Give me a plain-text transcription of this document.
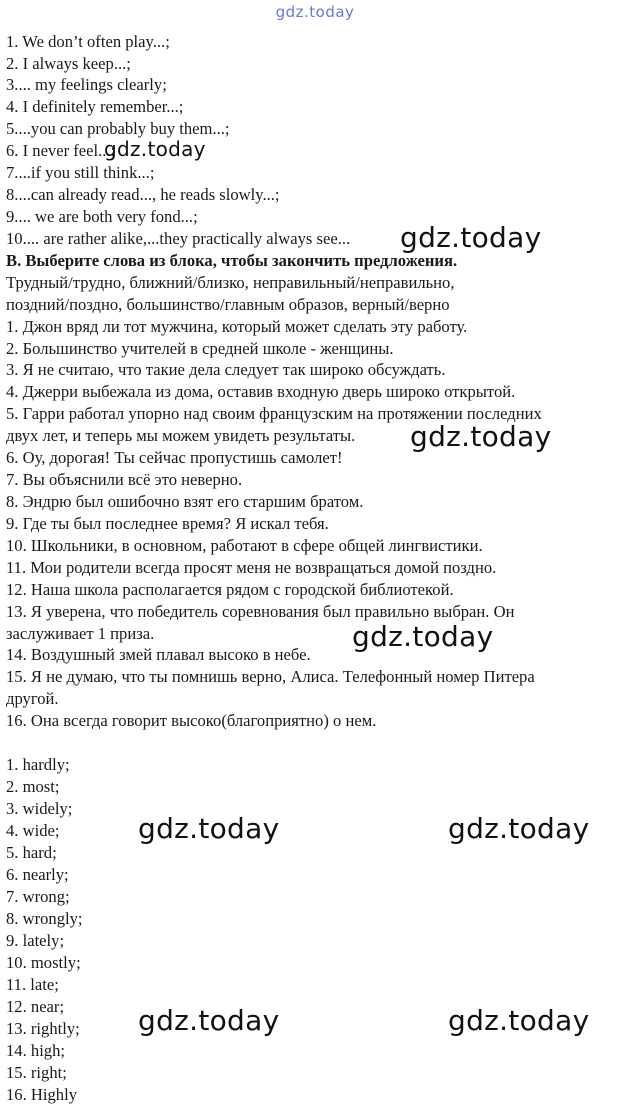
gdz.today
1. We don’t often play...;
2. I always keep...;
3.... my feelings clearly;
4. I definitely remember...;
5....you can probably buy them...;
6. I never feel...;
7....if you still think...;
8....can already read..., he reads slowly...;
9.... we are both very fond...;
10.... are rather alike,...they practically always see...
B. Выберите слова из блока, чтобы закончить предложения.
Трудный/трудно, ближний/близко, неправильный/неправильно,
поздний/поздно, большинство/главным образов, верный/верно
1. Джон вряд ли тот мужчина, который может сделать эту работу.
2. Большинство учителей в средней школе - женщины.
3. Я не считаю, что такие дела следует так широко обсуждать.
4. Джерри выбежала из дома, оставив входную дверь широко открытой.
5. Гарри работал упорно над своим французским на протяжении последних
двух лет, и теперь мы можем увидеть результаты.
6. Оу, дорогая! Ты сейчас пропустишь самолет!
7. Вы объяснили всё это неверно.
8. Эндрю был ошибочно взят его старшим братом.
9. Где ты был последнее время? Я искал тебя.
10. Школьники, в основном, работают в сфере общей лингвистики.
11. Мои родители всегда просят меня не возвращаться домой поздно.
12. Наша школа располагается рядом с городской библиотекой.
13. Я уверена, что победитель соревнования был правильно выбран. Он
заслуживает 1 приза.
14. Воздушный змей плавал высоко в небе.
15. Я не думаю, что ты помнишь верно, Алиса. Телефонный номер Питера
другой.
16. Она всегда говорит высоко(благоприятно) о нем.
1. hardly;
2. most;
3. widely;
4. wide;
5. hard;
6. nearly;
7. wrong;
8. wrongly;
9. lately;
10. mostly;
11. late;
12. near;
13. rightly;
14. high;
15. right;
16. Highly
gdz.today
gdz.today
gdz.today
gdz.today
gdz.today	gdz.today
gdz.today	gdz.today
